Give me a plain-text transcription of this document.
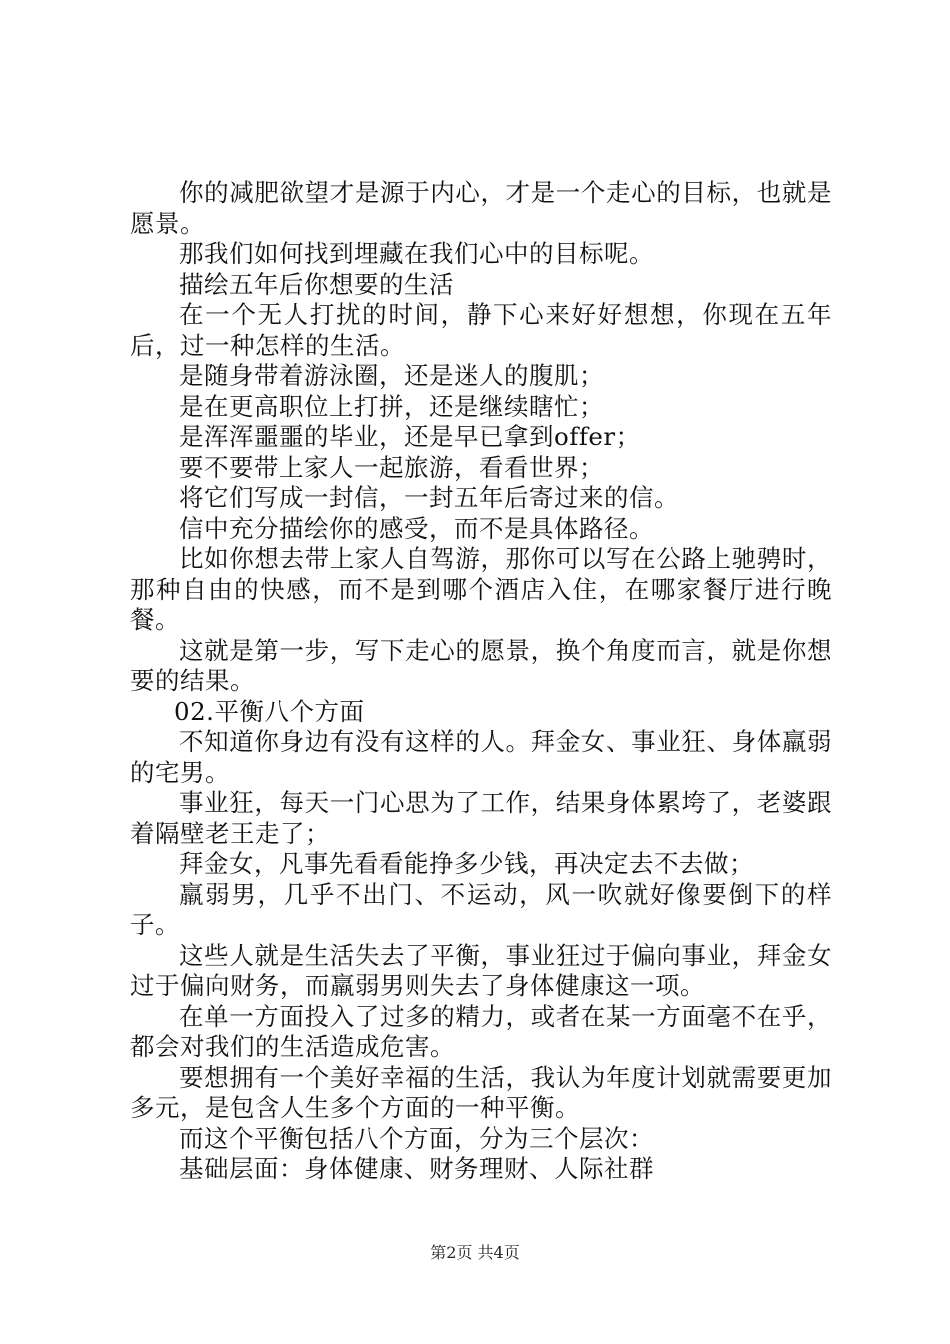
你的减肥欲望才是源于内心，才是一个走心的目标，也就是愿景。

那我们如何找到埋藏在我们心中的目标呢。

描绘五年后你想要的生活

在一个无人打扰的时间，静下心来好好想想，你现在五年后，过一种怎样的生活。

是随身带着游泳圈，还是迷人的腹肌；

是在更高职位上打拼，还是继续瞎忙；

是浑浑噩噩的毕业，还是早已拿到offer；

要不要带上家人一起旅游，看看世界；

将它们写成一封信，一封五年后寄过来的信。

信中充分描绘你的感受，而不是具体路径。

比如你想去带上家人自驾游，那你可以写在公路上驰骋时，那种自由的快感，而不是到哪个酒店入住，在哪家餐厅进行晚餐。

这就是第一步，写下走心的愿景，换个角度而言，就是你想要的结果。

02.平衡八个方面

不知道你身边有没有这样的人。拜金女、事业狂、身体羸弱的宅男。

事业狂，每天一门心思为了工作，结果身体累垮了，老婆跟着隔壁老王走了；

拜金女，凡事先看看能挣多少钱，再决定去不去做；

羸弱男，几乎不出门、不运动，风一吹就好像要倒下的样子。

这些人就是生活失去了平衡，事业狂过于偏向事业，拜金女过于偏向财务，而羸弱男则失去了身体健康这一项。

在单一方面投入了过多的精力，或者在某一方面毫不在乎，都会对我们的生活造成危害。

要想拥有一个美好幸福的生活，我认为年度计划就需要更加多元，是包含人生多个方面的一种平衡。

而这个平衡包括八个方面，分为三个层次：

基础层面：身体健康、财务理财、人际社群

第2页 共4页
